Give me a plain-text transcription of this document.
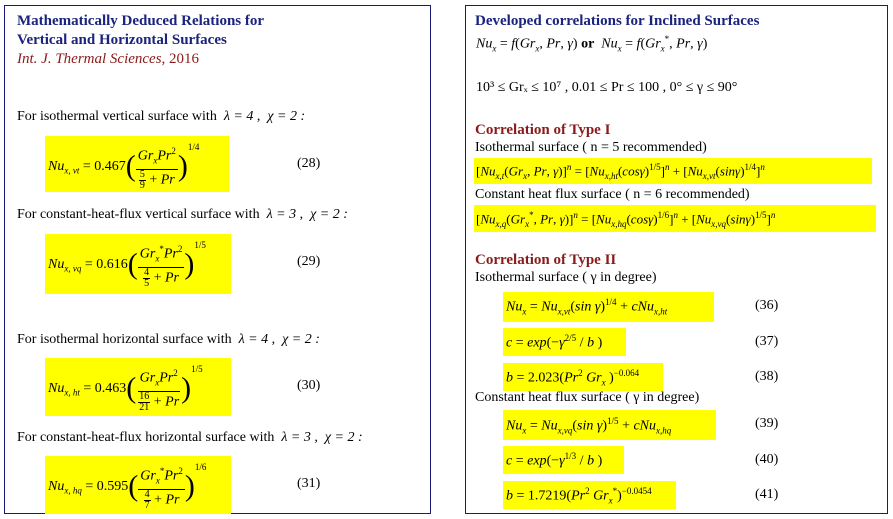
Mathematically Deduced Relations for
Vertical and Horizontal Surfaces
Int. J. Thermal Sciences, 2016
For isothermal vertical surface with λ = 4 ,  χ = 2 :
$Nu_{x, vt} = 0.467( \frac{Gr_xPr^2}{\frac{5}{9} + Pr} )^{1/4}$
(28)
For constant-heat-flux vertical surface with λ = 3 ,  χ = 2 :
$Nu_{x, vq} = 0.616( \frac{Gr_x^*Pr^2}{\frac{4}{5} + Pr} )^{1/5}$
(29)
For isothermal horizontal surface with λ = 4 ,  χ = 2 :
$Nu_{x, ht} = 0.463( \frac{Gr_xPr^2}{\frac{16}{21} + Pr} )^{1/5}$
(30)
For constant-heat-flux horizontal surface with λ = 3 ,  χ = 2 :
$Nu_{x, hq} = 0.595( \frac{Gr_x^*Pr^2}{\frac{4}{7} + Pr} )^{1/6}$
(31)
Developed correlations for Inclined Surfaces
$Nu_x = f(Gr_x$, Pr, γ) or $Nu_x = f(Gr_x^*$, Pr, γ)
10³ ≤ Grₓ ≤ 10⁷ , 0.01 ≤ Pr ≤ 100 , 0° ≤ γ ≤ 90°
Correlation of Type I
Isothermal surface ( n = 5 recommended)
[$Nu_{x,t}(Gr_x$, Pr, $\gamma)]^n = [Nu_{x,ht}(\cos\gamma)^{1/5}]^n + [Nu_{x,vt}(\sin\gamma)^{1/4}]^n$
Constant heat flux surface ( n = 6 recommended)
[$Nu_{x,q}(Gr_x^*$, Pr, $\gamma)]^n = [Nu_{x,hq}(\cos\gamma)^{1/6}]^n + [Nu_{x,vq}(\sin\gamma)^{1/5}]^n$
Correlation of Type II
Isothermal surface ( γ in degree)
$Nu_x = Nu_{x,vt}(\sin$ γ)$^{1/4}$ + cNu$_{x,ht}$	(36)
$c = \exp(-\gamma^{2/5} / b$ )	(37)
$b = 2.023(Pr^2$ $Gr_x$ )$^{-0.064}$	(38)
Constant heat flux surface ( γ in degree)
$Nu_x = Nu_{x,vq}(\sin$ γ)$^{1/5}$ + cNu$_{x,hq}$	(39)
$c = \exp(-\gamma^{1/3} / b$ )	(40)
$b = 1.7219(Pr^2$ $Gr_x^*)^{-0.0454}$	(41)
